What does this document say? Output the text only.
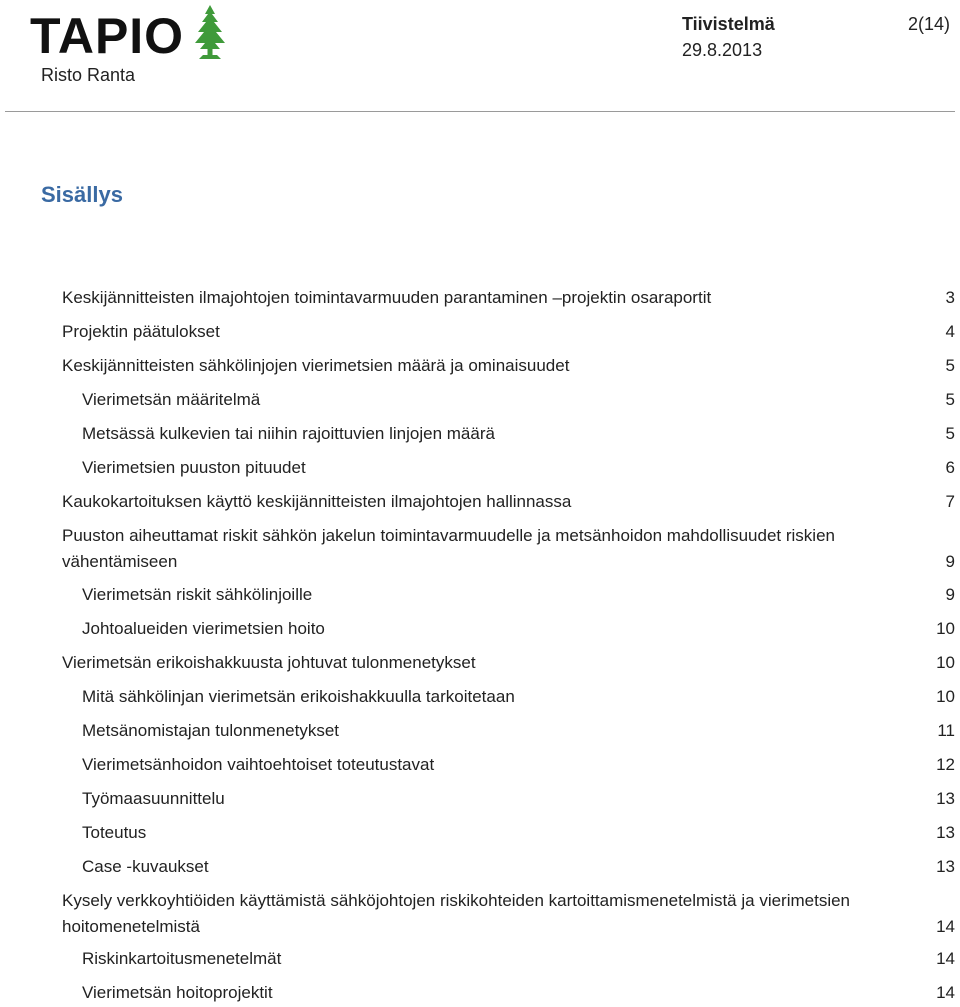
TAPIO
Risto Ranta
Tiivistelmä
29.8.2013
2(14)
Sisällys
Keskijännitteisten ilmajohtojen toimintavarmuuden parantaminen –projektin osaraportit	3
Projektin päätulokset	4
Keskijännitteisten sähkölinjojen vierimetsien määrä ja ominaisuudet	5
Vierimetsän määritelmä	5
Metsässä kulkevien tai niihin rajoittuvien linjojen määrä	5
Vierimetsien puuston pituudet	6
Kaukokartoituksen käyttö keskijännitteisten ilmajohtojen hallinnassa	7
Puuston aiheuttamat riskit sähkön jakelun toimintavarmuudelle ja metsänhoidon mahdollisuudet riskien
vähentämiseen	9
Vierimetsän riskit sähkölinjoille	9
Johtoalueiden vierimetsien hoito	10
Vierimetsän erikoishakkuusta johtuvat tulonmenetykset	10
Mitä sähkölinjan vierimetsän erikoishakkuulla tarkoitetaan	10
Metsänomistajan tulonmenetykset	11
Vierimetsänhoidon vaihtoehtoiset toteutustavat	12
Työmaasuunnittelu	13
Toteutus	13
Case -kuvaukset	13
Kysely verkkoyhtiöiden käyttämistä sähköjohtojen riskikohteiden kartoittamismenetelmistä ja vierimetsien
hoitomenetelmistä	14
Riskinkartoitusmenetelmät	14
Vierimetsän hoitoprojektit	14
